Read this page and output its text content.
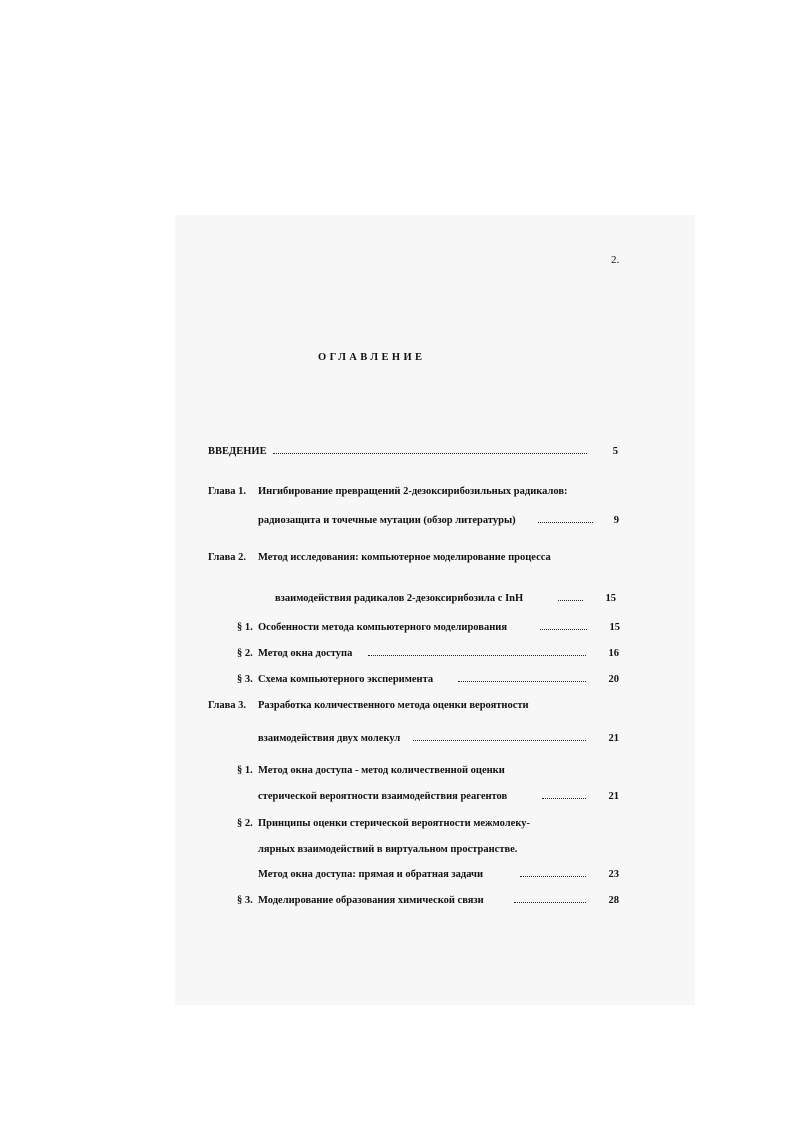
2.
ОГЛАВЛЕНИЕ
ВВЕДЕНИЕ	5
Глава 1. Ингибирование превращений 2-дезоксирибозильных радикалов:
радиозащита и точечные мутации (обзор литературы)	9
Глава 2. Метод исследования: компьютерное моделирование процесса
взаимодействия радикалов 2-дезоксирибозила с InH	15
§ 1. Особенности метода компьютерного моделирования	15
§ 2. Метод окна доступа	16
§ 3. Схема компьютерного эксперимента	20
Глава 3. Разработка количественного метода оценки вероятности
взаимодействия двух молекул	21
§ 1. Метод окна доступа - метод количественной оценки
стерической вероятности взаимодействия реагентов	21
§ 2. Принципы оценки стерической вероятности межмолеку-
лярных взаимодействий в виртуальном пространстве.
Метод окна доступа: прямая и обратная задачи	23
§ 3. Моделирование образования химической связи	28
